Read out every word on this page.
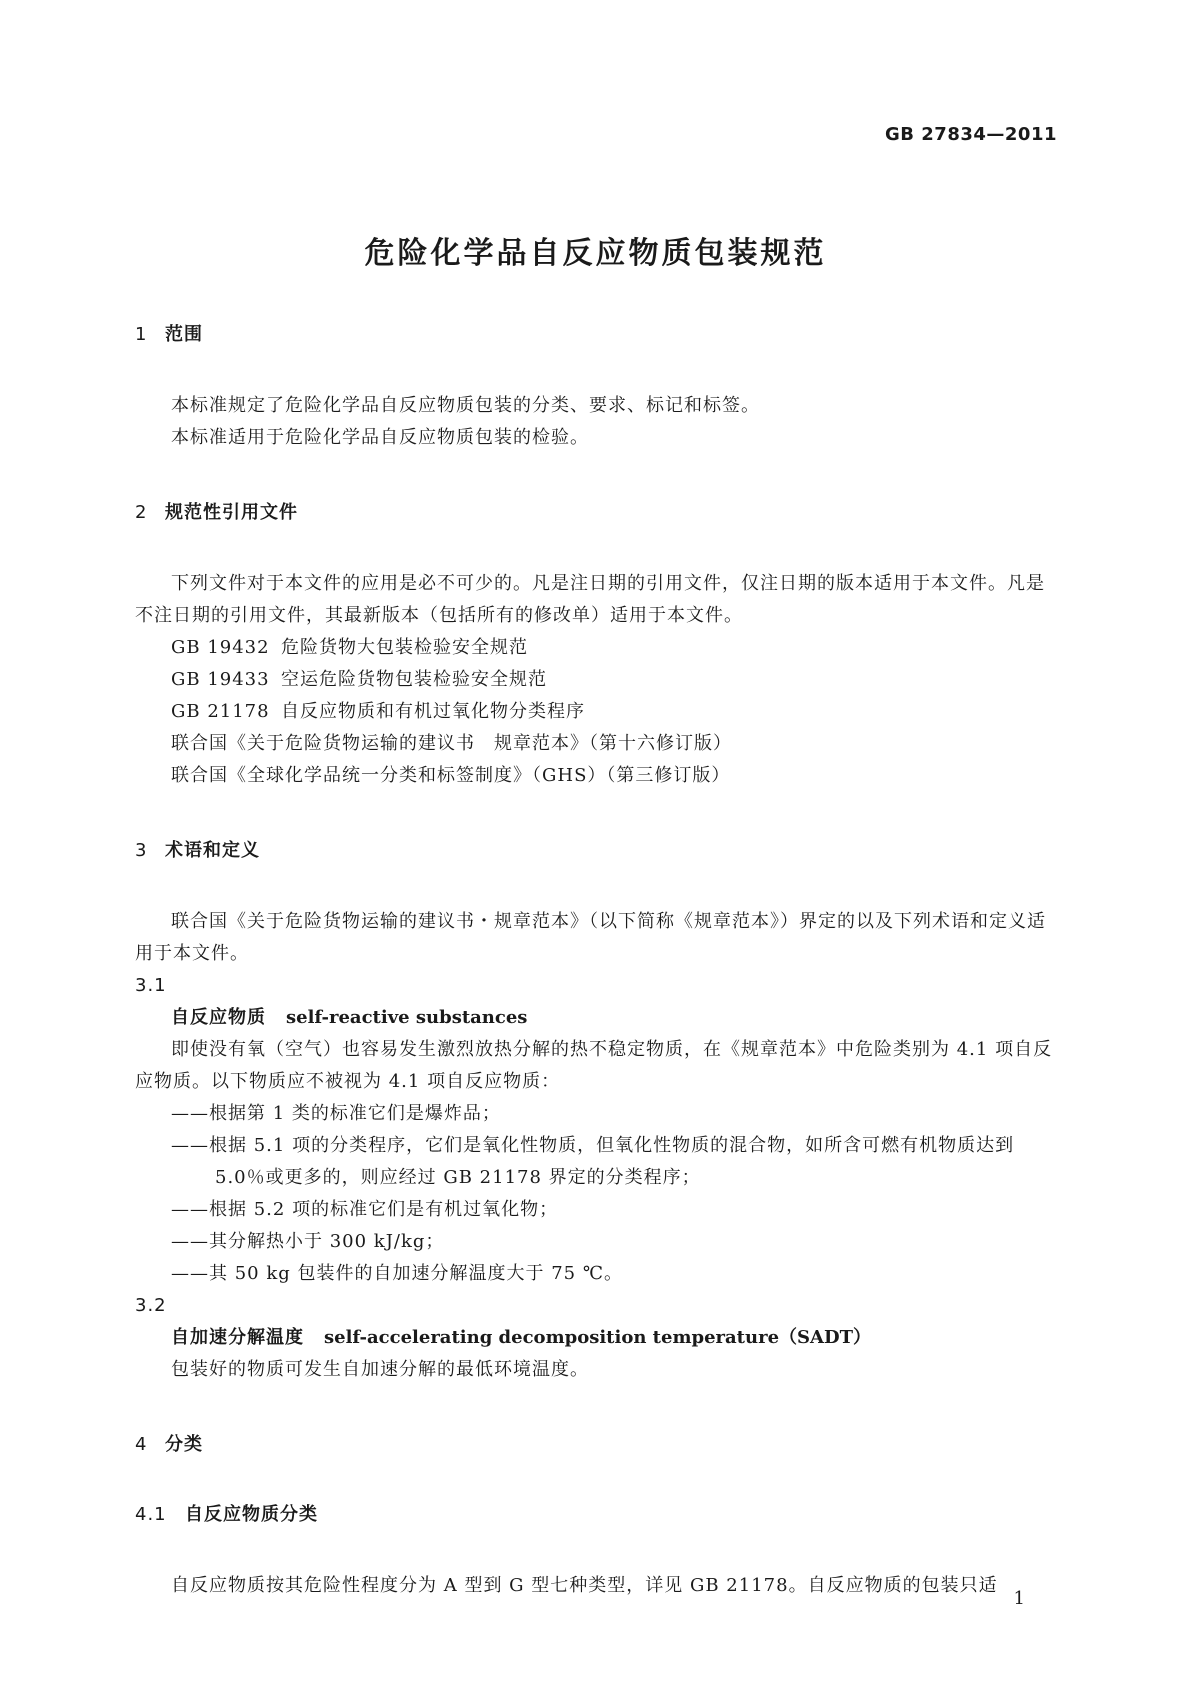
GB 27834—2011
危险化学品自反应物质包装规范
1 范围

本标准规定了危险化学品自反应物质包装的分类、要求、标记和标签。

本标准适用于危险化学品自反应物质包装的检验。

2 规范性引用文件

下列文件对于本文件的应用是必不可少的。凡是注日期的引用文件，仅注日期的版本适用于本文件。凡是不注日期的引用文件，其最新版本（包括所有的修改单）适用于本文件。

GB 19432 危险货物大包装检验安全规范

GB 19433 空运危险货物包装检验安全规范

GB 21178 自反应物质和有机过氧化物分类程序

联合国《关于危险货物运输的建议书　规章范本》（第十六修订版）

联合国《全球化学品统一分类和标签制度》（GHS）（第三修订版）

3 术语和定义

联合国《关于危险货物运输的建议书・规章范本》（以下简称《规章范本》）界定的以及下列术语和定义适用于本文件。

3.1

自反应物质 self-reactive substances

即使没有氧（空气）也容易发生激烈放热分解的热不稳定物质，在《规章范本》中危险类别为 4.1 项自反应物质。以下物质应不被视为 4.1 项自反应物质：

——根据第 1 类的标准它们是爆炸品；

——根据 5.1 项的分类程序，它们是氧化性物质，但氧化性物质的混合物，如所含可燃有机物质达到 5.0％或更多的，则应经过 GB 21178 界定的分类程序；

——根据 5.2 项的标准它们是有机过氧化物；

——其分解热小于 300 kJ/kg；

——其 50 kg 包装件的自加速分解温度大于 75 ℃。

3.2

自加速分解温度 self-accelerating decomposition temperature（SADT）

包装好的物质可发生自加速分解的最低环境温度。

4 分类
4.1 自反应物质分类

自反应物质按其危险性程度分为 A 型到 G 型七种类型，详见 GB 21178。自反应物质的包装只适

1
